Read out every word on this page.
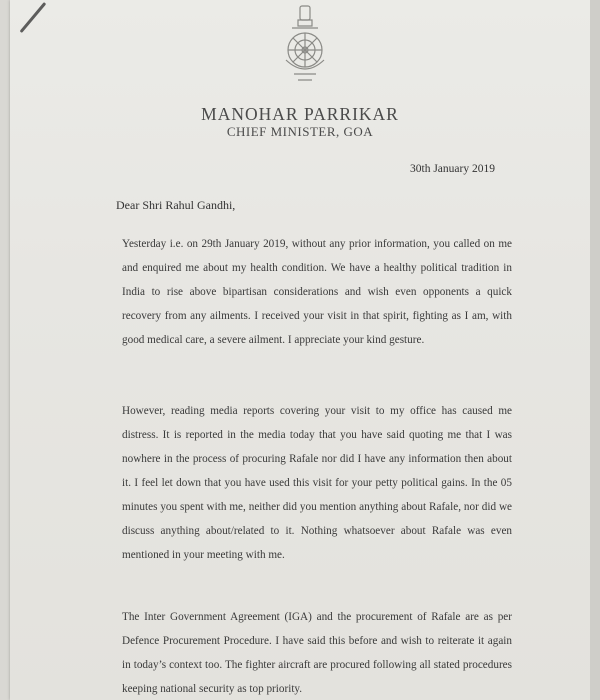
MANOHAR PARRIKAR
CHIEF MINISTER, GOA
30th January 2019
Dear Shri Rahul Gandhi,

Yesterday i.e. on 29th January 2019, without any prior information, you called on me and enquired me about my health condition. We have a healthy political tradition in India to rise above bipartisan considerations and wish even opponents a quick recovery from any ailments. I received your visit in that spirit, fighting as I am, with good medical care, a severe ailment. I appreciate your kind gesture.

However, reading media reports covering your visit to my office has caused me distress. It is reported in the media today that you have said quoting me that I was nowhere in the process of procuring Rafale nor did I have any information then about it. I feel let down that you have used this visit for your petty political gains. In the 05 minutes you spent with me, neither did you mention anything about Rafale, nor did we discuss anything about/related to it. Nothing whatsoever about Rafale was even mentioned in your meeting with me.

The Inter Government Agreement (IGA) and the procurement of Rafale are as per Defence Procurement Procedure. I have said this before and wish to reiterate it again in today’s context too. The fighter aircraft are procured following all stated procedures keeping national security as top priority.
